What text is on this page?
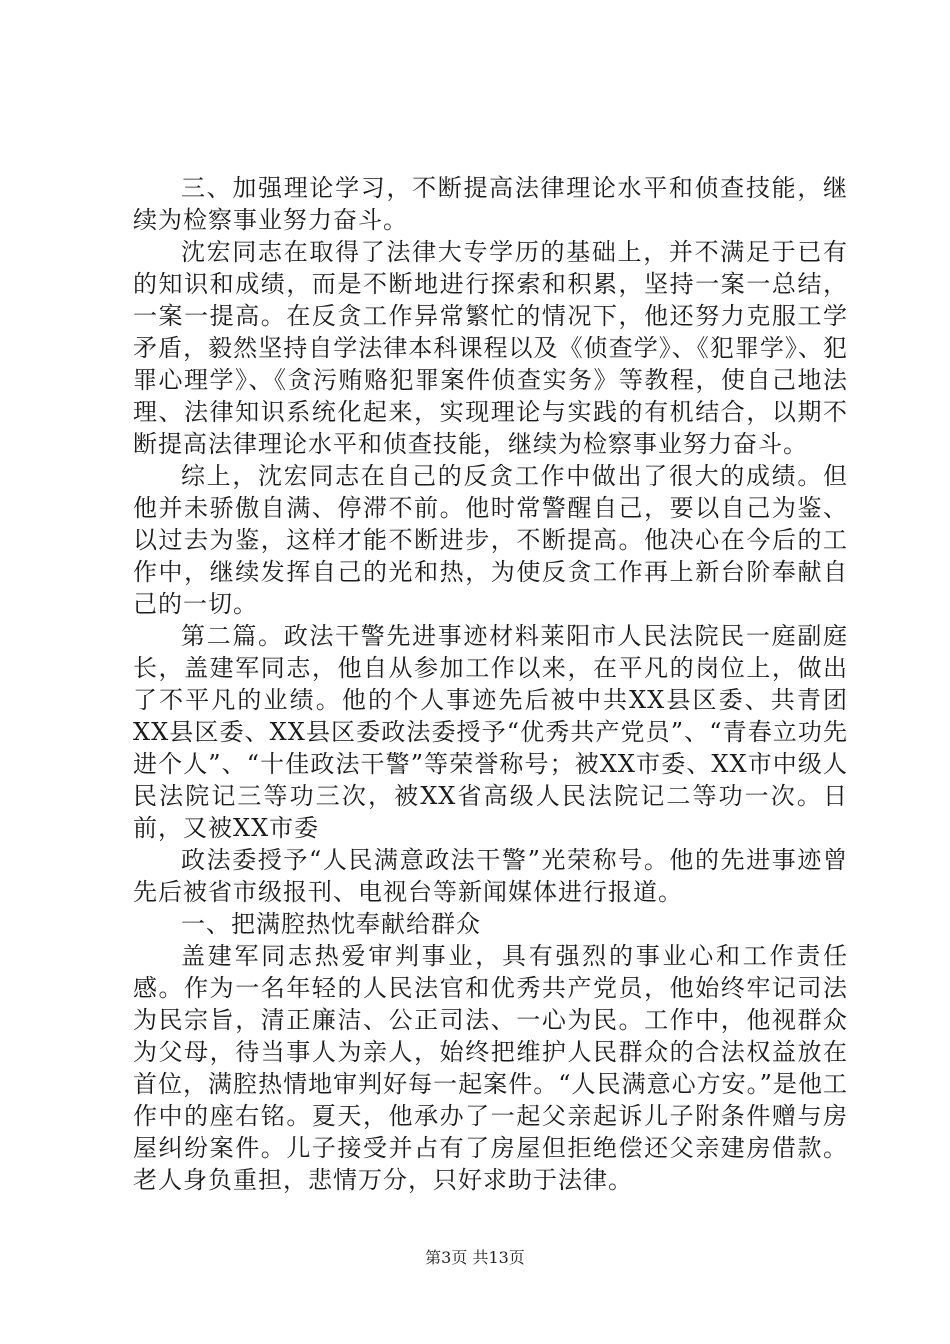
三、加强理论学习，不断提高法律理论水平和侦查技能，继续为检察事业努力奋斗。

沈宏同志在取得了法律大专学历的基础上，并不满足于已有的知识和成绩，而是不断地进行探索和积累，坚持一案一总结，一案一提高。在反贪工作异常繁忙的情况下，他还努力克服工学矛盾，毅然坚持自学法律本科课程以及《侦查学》、《犯罪学》、犯罪心理学》、《贪污贿赂犯罪案件侦查实务》等教程，使自己地法理、法律知识系统化起来，实现理论与实践的有机结合，以期不断提高法律理论水平和侦查技能，继续为检察事业努力奋斗。

综上，沈宏同志在自己的反贪工作中做出了很大的成绩。但他并未骄傲自满、停滞不前。他时常警醒自己，要以自己为鉴、以过去为鉴，这样才能不断进步，不断提高。他决心在今后的工作中，继续发挥自己的光和热，为使反贪工作再上新台阶奉献自己的一切。

第二篇。政法干警先进事迹材料莱阳市人民法院民一庭副庭长，盖建军同志，他自从参加工作以来，在平凡的岗位上，做出了不平凡的业绩。他的个人事迹先后被中共XX县区委、共青团XX县区委、XX县区委政法委授予“优秀共产党员”、“青春立功先进个人”、“十佳政法干警”等荣誉称号；被XX市委、XX市中级人民法院记三等功三次，被XX省高级人民法院记二等功一次。日前，又被XX市委

政法委授予“人民满意政法干警”光荣称号。他的先进事迹曾先后被省市级报刊、电视台等新闻媒体进行报道。

一、把满腔热忱奉献给群众

盖建军同志热爱审判事业，具有强烈的事业心和工作责任感。作为一名年轻的人民法官和优秀共产党员，他始终牢记司法为民宗旨，清正廉洁、公正司法、一心为民。工作中，他视群众为父母，待当事人为亲人，始终把维护人民群众的合法权益放在首位，满腔热情地审判好每一起案件。“人民满意心方安。”是他工作中的座右铭。夏天，他承办了一起父亲起诉儿子附条件赠与房屋纠纷案件。儿子接受并占有了房屋但拒绝偿还父亲建房借款。老人身负重担，悲情万分，只好求助于法律。

第3页 共13页
